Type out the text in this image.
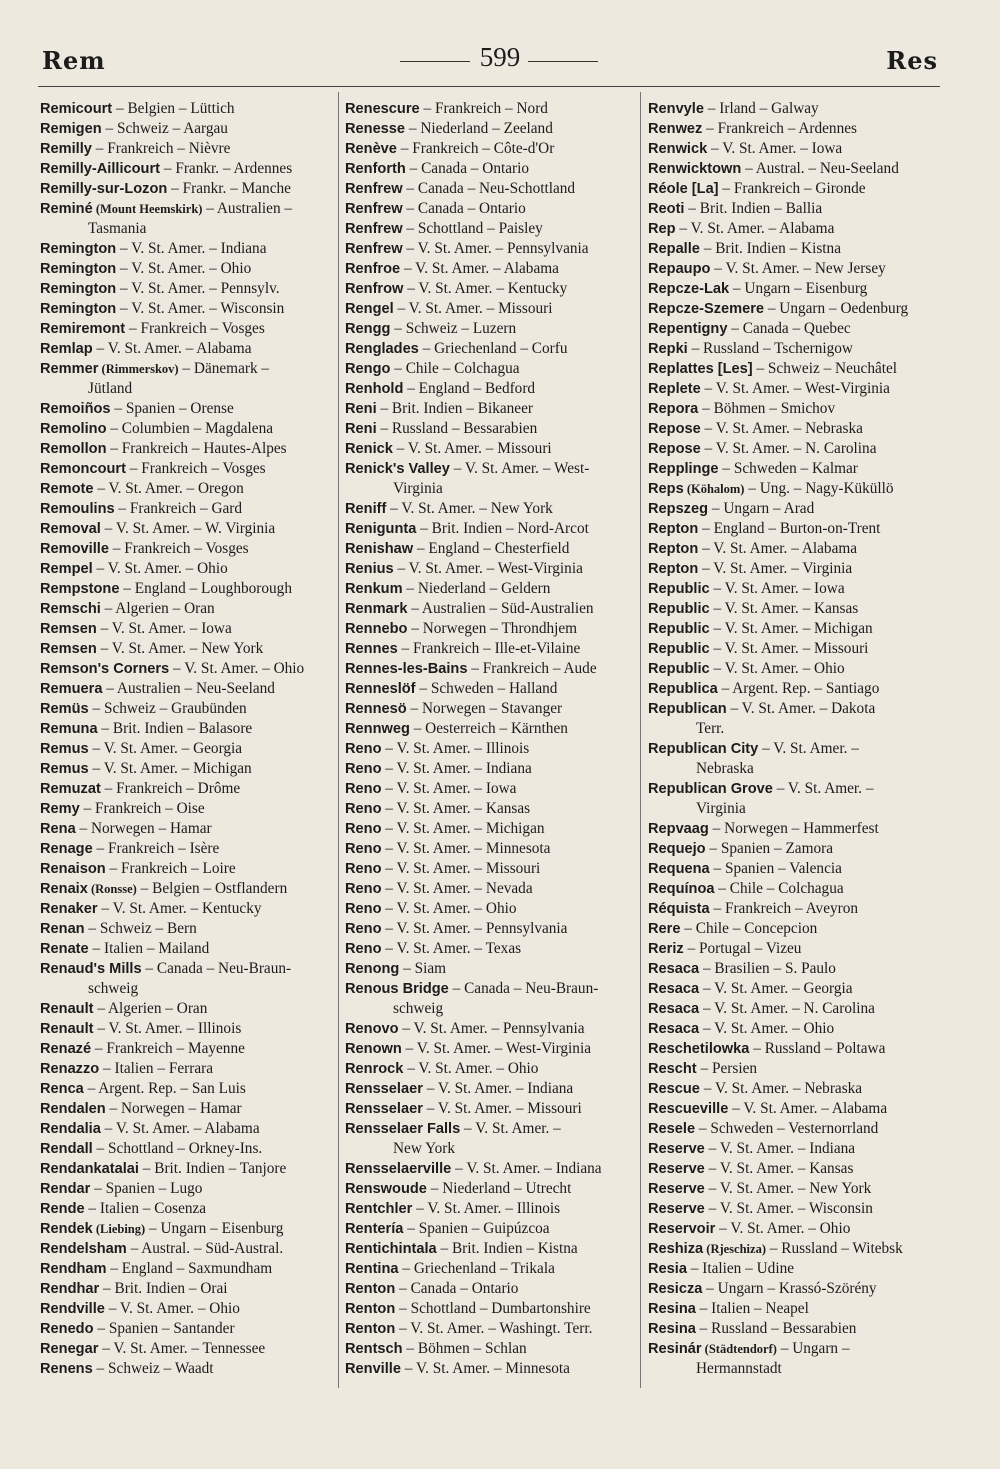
Rem	599	Res
Remicourt – Belgien – Lüttich
Remigen – Schweiz – Aargau
Remilly – Frankreich – Nièvre
Remilly-Aillicourt – Frankr. – Ardennes
Remilly-sur-Lozon – Frankr. – Manche
Reminé (Mount Heemskirk) – Australien –
Tasmania
Remington – V. St. Amer. – Indiana
Remington – V. St. Amer. – Ohio
Remington – V. St. Amer. – Pennsylv.
Remington – V. St. Amer. – Wisconsin
Remiremont – Frankreich – Vosges
Remlap – V. St. Amer. – Alabama
Remmer (Rimmerskov) – Dänemark –
Jütland
Remoiños – Spanien – Orense
Remolino – Columbien – Magdalena
Remollon – Frankreich – Hautes-Alpes
Remoncourt – Frankreich – Vosges
Remote – V. St. Amer. – Oregon
Remoulins – Frankreich – Gard
Removal – V. St. Amer. – W. Virginia
Removille – Frankreich – Vosges
Rempel – V. St. Amer. – Ohio
Rempstone – England – Loughborough
Remschi – Algerien – Oran
Remsen – V. St. Amer. – Iowa
Remsen – V. St. Amer. – New York
Remson's Corners – V. St. Amer. – Ohio
Remuera – Australien – Neu-Seeland
Remüs – Schweiz – Graubünden
Remuna – Brit. Indien – Balasore
Remus – V. St. Amer. – Georgia
Remus – V. St. Amer. – Michigan
Remuzat – Frankreich – Drôme
Remy – Frankreich – Oise
Rena – Norwegen – Hamar
Renage – Frankreich – Isère
Renaison – Frankreich – Loire
Renaix (Ronsse) – Belgien – Ostflandern
Renaker – V. St. Amer. – Kentucky
Renan – Schweiz – Bern
Renate – Italien – Mailand
Renaud's Mills – Canada – Neu-Braun-
schweig
Renault – Algerien – Oran
Renault – V. St. Amer. – Illinois
Renazé – Frankreich – Mayenne
Renazzo – Italien – Ferrara
Renca – Argent. Rep. – San Luis
Rendalen – Norwegen – Hamar
Rendalia – V. St. Amer. – Alabama
Rendall – Schottland – Orkney-Ins.
Rendankatalai – Brit. Indien – Tanjore
Rendar – Spanien – Lugo
Rende – Italien – Cosenza
Rendek (Liebing) – Ungarn – Eisenburg
Rendelsham – Austral. – Süd-Austral.
Rendham – England – Saxmundham
Rendhar – Brit. Indien – Orai
Rendville – V. St. Amer. – Ohio
Renedo – Spanien – Santander
Renegar – V. St. Amer. – Tennessee
Renens – Schweiz – Waadt
Renescure – Frankreich – Nord
Renesse – Niederland – Zeeland
Renève – Frankreich – Côte-d'Or
Renforth – Canada – Ontario
Renfrew – Canada – Neu-Schottland
Renfrew – Canada – Ontario
Renfrew – Schottland – Paisley
Renfrew – V. St. Amer. – Pennsylvania
Renfroe – V. St. Amer. – Alabama
Renfrow – V. St. Amer. – Kentucky
Rengel – V. St. Amer. – Missouri
Rengg – Schweiz – Luzern
Renglades – Griechenland – Corfu
Rengo – Chile – Colchagua
Renhold – England – Bedford
Reni – Brit. Indien – Bikaneer
Reni – Russland – Bessarabien
Renick – V. St. Amer. – Missouri
Renick's Valley – V. St. Amer. – West-
Virginia
Reniff – V. St. Amer. – New York
Renigunta – Brit. Indien – Nord-Arcot
Renishaw – England – Chesterfield
Renius – V. St. Amer. – West-Virginia
Renkum – Niederland – Geldern
Renmark – Australien – Süd-Australien
Rennebo – Norwegen – Throndhjem
Rennes – Frankreich – Ille-et-Vilaine
Rennes-les-Bains – Frankreich – Aude
Renneslöf – Schweden – Halland
Rennesö – Norwegen – Stavanger
Rennweg – Oesterreich – Kärnthen
Reno – V. St. Amer. – Illinois
Reno – V. St. Amer. – Indiana
Reno – V. St. Amer. – Iowa
Reno – V. St. Amer. – Kansas
Reno – V. St. Amer. – Michigan
Reno – V. St. Amer. – Minnesota
Reno – V. St. Amer. – Missouri
Reno – V. St. Amer. – Nevada
Reno – V. St. Amer. – Ohio
Reno – V. St. Amer. – Pennsylvania
Reno – V. St. Amer. – Texas
Renong – Siam
Renous Bridge – Canada – Neu-Braun-
schweig
Renovo – V. St. Amer. – Pennsylvania
Renown – V. St. Amer. – West-Virginia
Renrock – V. St. Amer. – Ohio
Rensselaer – V. St. Amer. – Indiana
Rensselaer – V. St. Amer. – Missouri
Rensselaer Falls – V. St. Amer. –
New York
Rensselaerville – V. St. Amer. – Indiana
Renswoude – Niederland – Utrecht
Rentchler – V. St. Amer. – Illinois
Rentería – Spanien – Guipúzcoa
Rentichintala – Brit. Indien – Kistna
Rentina – Griechenland – Trikala
Renton – Canada – Ontario
Renton – Schottland – Dumbartonshire
Renton – V. St. Amer. – Washingt. Terr.
Rentsch – Böhmen – Schlan
Renville – V. St. Amer. – Minnesota
Renvyle – Irland – Galway
Renwez – Frankreich – Ardennes
Renwick – V. St. Amer. – Iowa
Renwicktown – Austral. – Neu-Seeland
Réole [La] – Frankreich – Gironde
Reoti – Brit. Indien – Ballia
Rep – V. St. Amer. – Alabama
Repalle – Brit. Indien – Kistna
Repaupo – V. St. Amer. – New Jersey
Repcze-Lak – Ungarn – Eisenburg
Repcze-Szemere – Ungarn – Oedenburg
Repentigny – Canada – Quebec
Repki – Russland – Tschernigow
Replattes [Les] – Schweiz – Neuchâtel
Replete – V. St. Amer. – West-Virginia
Repora – Böhmen – Smichov
Repose – V. St. Amer. – Nebraska
Repose – V. St. Amer. – N. Carolina
Repplinge – Schweden – Kalmar
Reps (Köhalom) – Ung. – Nagy-Küküllö
Repszeg – Ungarn – Arad
Repton – England – Burton-on-Trent
Repton – V. St. Amer. – Alabama
Repton – V. St. Amer. – Virginia
Republic – V. St. Amer. – Iowa
Republic – V. St. Amer. – Kansas
Republic – V. St. Amer. – Michigan
Republic – V. St. Amer. – Missouri
Republic – V. St. Amer. – Ohio
Republica – Argent. Rep. – Santiago
Republican – V. St. Amer. – Dakota
Terr.
Republican City – V. St. Amer. –
Nebraska
Republican Grove – V. St. Amer. –
Virginia
Repvaag – Norwegen – Hammerfest
Requejo – Spanien – Zamora
Requena – Spanien – Valencia
Requínoa – Chile – Colchagua
Réquista – Frankreich – Aveyron
Rere – Chile – Concepcion
Reriz – Portugal – Vizeu
Resaca – Brasilien – S. Paulo
Resaca – V. St. Amer. – Georgia
Resaca – V. St. Amer. – N. Carolina
Resaca – V. St. Amer. – Ohio
Reschetilowka – Russland – Poltawa
Rescht – Persien
Rescue – V. St. Amer. – Nebraska
Rescueville – V. St. Amer. – Alabama
Resele – Schweden – Vesternorrland
Reserve – V. St. Amer. – Indiana
Reserve – V. St. Amer. – Kansas
Reserve – V. St. Amer. – New York
Reserve – V. St. Amer. – Wisconsin
Reservoir – V. St. Amer. – Ohio
Reshiza (Rjeschiza) – Russland – Witebsk
Resia – Italien – Udine
Resicza – Ungarn – Krassó-Szörény
Resina – Italien – Neapel
Resina – Russland – Bessarabien
Resinár (Städtendorf) – Ungarn –
Hermannstadt
